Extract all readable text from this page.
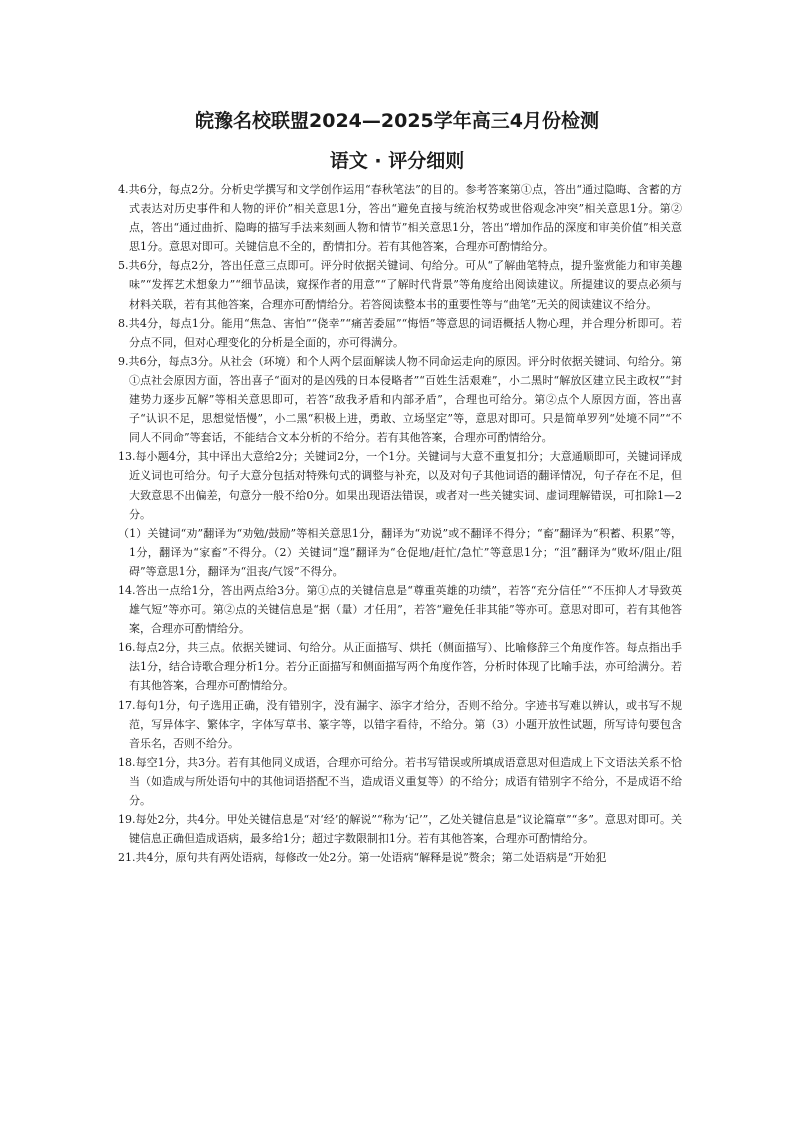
皖豫名校联盟2024—2025学年高三4月份检测
语文 · 评分细则

4.共6分，每点2分。分析史学撰写和文学创作运用“春秋笔法”的目的。参考答案第①点，答出“通过隐晦、含蓄的方式表达对历史事件和人物的评价”相关意思1分，答出“避免直接与统治权势或世俗观念冲突”相关意思1分。第②点，答出“通过曲折、隐晦的描写手法来刻画人物和情节”相关意思1分，答出“增加作品的深度和审美价值”相关意思1分。意思对即可。关键信息不全的，酌情扣分。若有其他答案，合理亦可酌情给分。

5.共6分，每点2分，答出任意三点即可。评分时依据关键词、句给分。可从“了解曲笔特点，提升鉴赏能力和审美趣味”“发挥艺术想象力”“细节品读，窥探作者的用意”“了解时代背景”等角度给出阅读建议。所提建议的要点必须与材料关联，若有其他答案，合理亦可酌情给分。若答阅读整本书的重要性等与“曲笔”无关的阅读建议不给分。

8.共4分，每点1分。能用“焦急、害怕”“侥幸”“痛苦委屈”“悔悟”等意思的词语概括人物心理，并合理分析即可。若分点不同，但对心理变化的分析是全面的，亦可得满分。

9.共6分，每点3分。从社会（环境）和个人两个层面解读人物不同命运走向的原因。评分时依据关键词、句给分。第①点社会原因方面，答出喜子“面对的是凶残的日本侵略者”“百姓生活艰难”，小二黑时“解放区建立民主政权”“封建势力逐步瓦解”等相关意思即可，若答“敌我矛盾和内部矛盾”，合理也可给分。第②点个人原因方面，答出喜子“认识不足，思想觉悟慢”，小二黑“积极上进，勇敢、立场坚定”等，意思对即可。只是简单罗列“处境不同”“不同人不同命”等套话，不能结合文本分析的不给分。若有其他答案，合理亦可酌情给分。

13.每小题4分，其中译出大意给2分；关键词2分，一个1分。关键词与大意不重复扣分；大意通顺即可，关键词译成近义词也可给分。句子大意分包括对特殊句式的调整与补充，以及对句子其他词语的翻译情况，句子存在不足，但大致意思不出偏差，句意分一般不给0分。如果出现语法错误，或者对一些关键实词、虚词理解错误，可扣除1—2分。

（1）关键词“劝”翻译为“劝勉/鼓励”等相关意思1分，翻译为“劝说”或不翻译不得分；“畜”翻译为“积蓄、积累”等，1分，翻译为“家畜”不得分。（2）关键词“遑”翻译为“仓促地/赶忙/急忙”等意思1分；“沮”翻译为“败坏/阻止/阻碍”等意思1分，翻译为“沮丧/气馁”不得分。

14.答出一点给1分，答出两点给3分。第①点的关键信息是“尊重英雄的功绩”，若答“充分信任”“不压抑人才导致英雄气短”等亦可。第②点的关键信息是“据（量）才任用”，若答“避免任非其能”等亦可。意思对即可，若有其他答案，合理亦可酌情给分。

16.每点2分，共三点。依据关键词、句给分。从正面描写、烘托（侧面描写）、比喻修辞三个角度作答。每点指出手法1分，结合诗歌合理分析1分。若分正面描写和侧面描写两个角度作答，分析时体现了比喻手法，亦可给满分。若有其他答案，合理亦可酌情给分。

17.每句1分，句子选用正确，没有错别字，没有漏字、添字才给分，否则不给分。字迹书写难以辨认，或书写不规范，写异体字、繁体字，字体写草书、篆字等，以错字看待，不给分。第（3）小题开放性试题，所写诗句要包含音乐名，否则不给分。

18.每空1分，共3分。若有其他同义成语，合理亦可给分。若书写错误或所填成语意思对但造成上下文语法关系不恰当（如造成与所处语句中的其他词语搭配不当，造成语义重复等）的不给分；成语有错别字不给分，不是成语不给分。

19.每处2分，共4分。甲处关键信息是“对‘经’的解说”“称为‘记’”，乙处关键信息是“议论篇章”“多”。意思对即可。关键信息正确但造成语病，最多给1分；超过字数限制扣1分。若有其他答案，合理亦可酌情给分。

21.共4分，原句共有两处语病，每修改一处2分。第一处语病“解释是说”赘余；第二处语病是“开始犯
